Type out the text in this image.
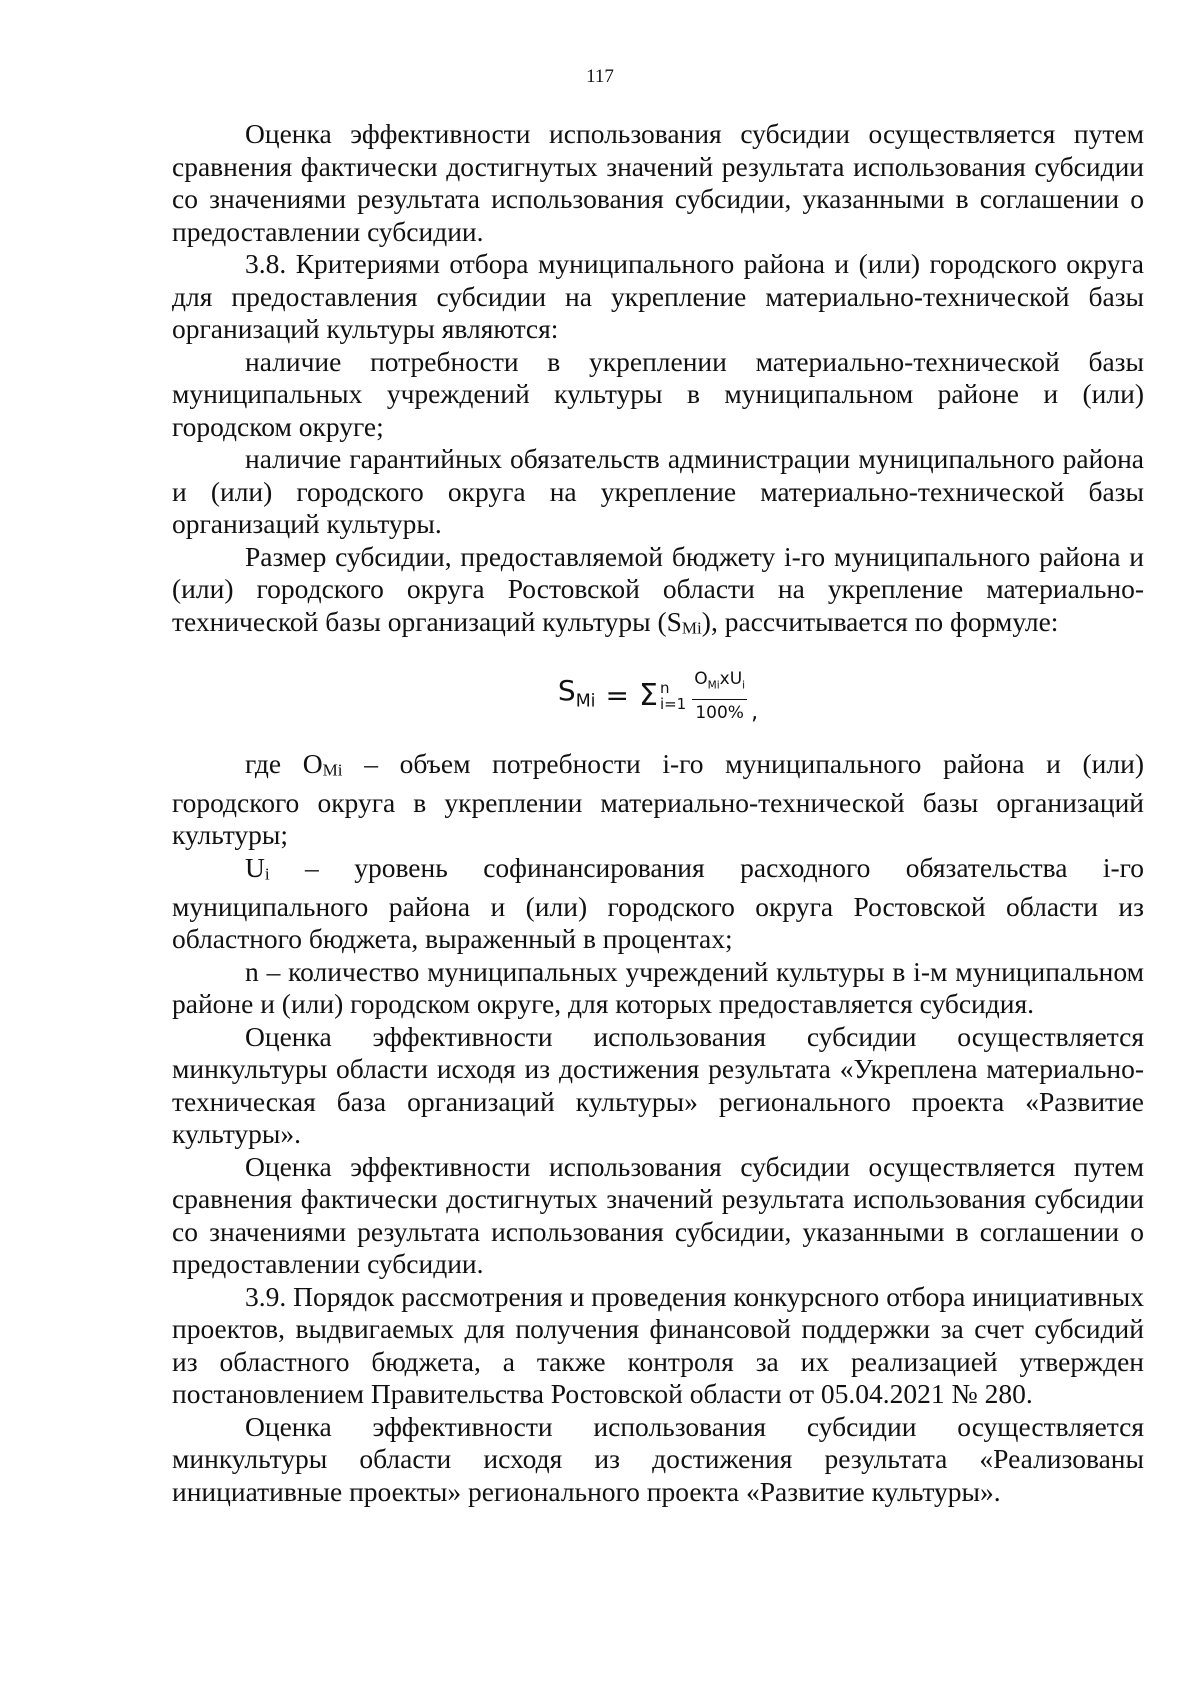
117

Оценка эффективности использования субсидии осуществляется путем сравнения фактически достигнутых значений результата использования субсидии со значениями результата использования субсидии, указанными в соглашении о предоставлении субсидии.

3.8. Критериями отбора муниципального района и (или) городского округа для предоставления субсидии на укрепление материально-технической базы организаций культуры являются:

наличие потребности в укреплении материально-технической базы муниципальных учреждений культуры в муниципальном районе и (или) городском округе;

наличие гарантийных обязательств администрации муниципального района и (или) городского округа на укрепление материально-технической базы организаций культуры.

Размер субсидии, предоставляемой бюджету i-го муниципального района и (или) городского округа Ростовской области на укрепление материально-технической базы организаций культуры (SMi), рассчитывается по формуле:

$S_{Mi} = \Sigma$ n
$i=1 \frac{O_{Mi}xU_i}{100\%}$ ,

где OMi – объем потребности i-го муниципального района и (или) городского округа в укреплении материально-технической базы организаций культуры;

Ui – уровень софинансирования расходного обязательства i-го муниципального района и (или) городского округа Ростовской области из областного бюджета, выраженный в процентах;

n – количество муниципальных учреждений культуры в i-м муниципальном районе и (или) городском округе, для которых предоставляется субсидия.

Оценка эффективности использования субсидии осуществляется минкультуры области исходя из достижения результата «Укреплена материально-техническая база организаций культуры» регионального проекта «Развитие культуры».

Оценка эффективности использования субсидии осуществляется путем сравнения фактически достигнутых значений результата использования субсидии со значениями результата использования субсидии, указанными в соглашении о предоставлении субсидии.

3.9. Порядок рассмотрения и проведения конкурсного отбора инициативных проектов, выдвигаемых для получения финансовой поддержки за счет субсидий из областного бюджета, а также контроля за их реализацией утвержден постановлением Правительства Ростовской области от 05.04.2021 № 280.

Оценка эффективности использования субсидии осуществляется минкультуры области исходя из достижения результата «Реализованы инициативные проекты» регионального проекта «Развитие культуры».
